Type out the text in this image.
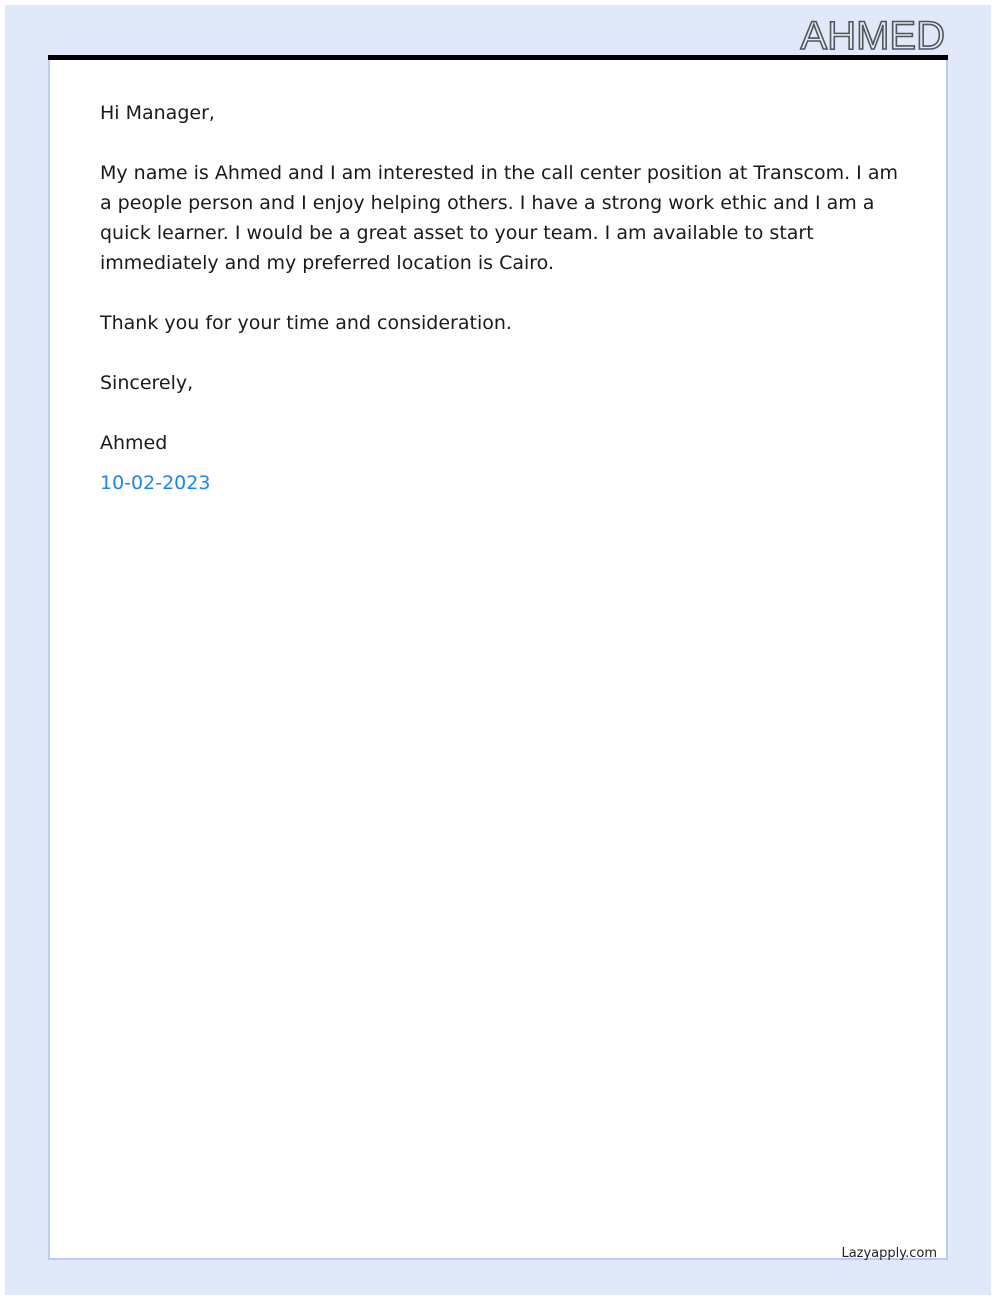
AHMED

Hi Manager,

My name is Ahmed and I am interested in the call center position at Transcom. I am a people person and I enjoy helping others. I have a strong work ethic and I am a quick learner. I would be a great asset to your team. I am available to start immediately and my preferred location is Cairo.

Thank you for your time and consideration.

Sincerely,

Ahmed

10-02-2023

Lazyapply.com
